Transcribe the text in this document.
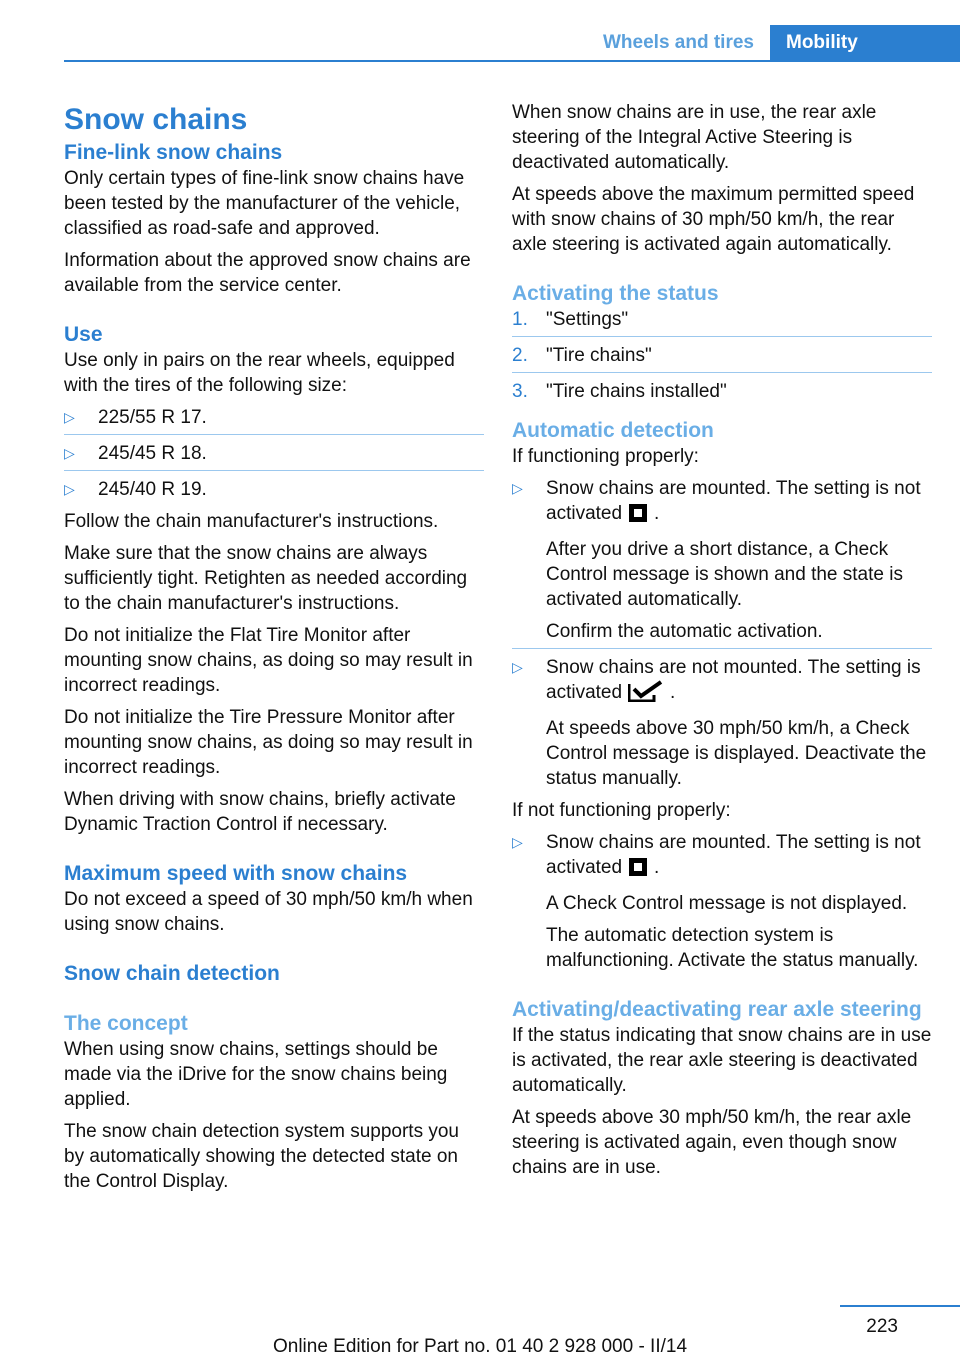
Wheels and tires	Mobility
Snow chains
Fine-link snow chains

Only certain types of fine-link snow chains have been tested by the manufacturer of the vehicle, classified as road-safe and approved.

Information about the approved snow chains are available from the service center.

Use

Use only in pairs on the rear wheels, equipped with the tires of the following size:

▷ 225/55 R 17.
▷ 245/45 R 18.
▷ 245/40 R 19.

Follow the chain manufacturer's instructions.

Make sure that the snow chains are always sufficiently tight. Retighten as needed according to the chain manufacturer's instructions.

Do not initialize the Flat Tire Monitor after mounting snow chains, as doing so may result in incorrect readings.

Do not initialize the Tire Pressure Monitor after mounting snow chains, as doing so may result in incorrect readings.

When driving with snow chains, briefly activate Dynamic Traction Control if necessary.

Maximum speed with snow chains

Do not exceed a speed of 30 mph/50 km/h when using snow chains.

Snow chain detection
The concept

When using snow chains, settings should be made via the iDrive for the snow chains being applied.

The snow chain detection system supports you by automatically showing the detected state on the Control Display.

When snow chains are in use, the rear axle steering of the Integral Active Steering is deactivated automatically.

At speeds above the maximum permitted speed with snow chains of 30 mph/50 km/h, the rear axle steering is activated again automatically.

Activating the status
1. "Settings"
2. "Tire chains"
3. "Tire chains installed"
Automatic detection

If functioning properly:

▷ Snow chains are mounted. The setting is not activated .
After you drive a short distance, a Check Control message is shown and the state is activated automatically.
Confirm the automatic activation.
▷ Snow chains are not mounted. The setting is activated	.
At speeds above 30 mph/50 km/h, a Check Control message is displayed. Deactivate the status manually.

If not functioning properly:

▷ Snow chains are mounted. The setting is not activated .
A Check Control message is not displayed.
The automatic detection system is malfunctioning. Activate the status manually.
Activating/deactivating rear axle steering

If the status indicating that snow chains are in use is activated, the rear axle steering is deactivated automatically.

At speeds above 30 mph/50 km/h, the rear axle steering is activated again, even though snow chains are in use.

223
Online Edition for Part no. 01 40 2 928 000 - II/14
